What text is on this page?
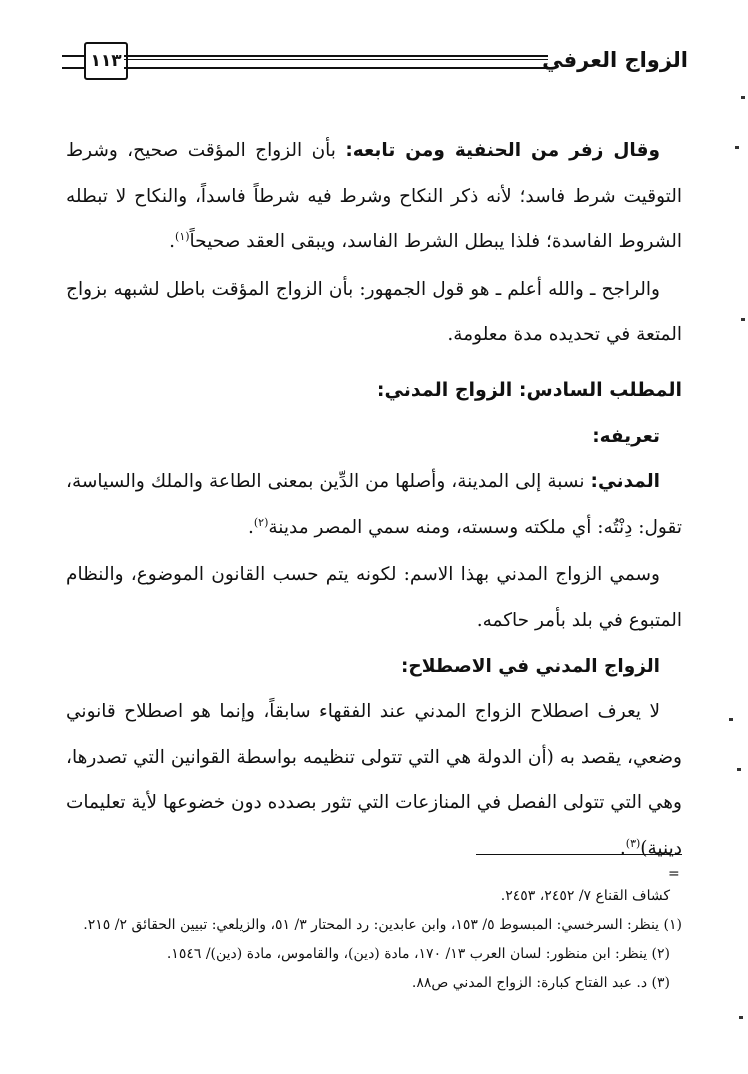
الزواج العرفي
١١٣

وقال زفر من الحنفية ومن تابعه: بأن الزواج المؤقت صحيح، وشرط التوقيت شرط فاسد؛ لأنه ذكر النكاح وشرط فيه شرطاً فاسداً، والنكاح لا تبطله الشروط الفاسدة؛ فلذا يبطل الشرط الفاسد، ويبقى العقد صحيحاً$^{(١)}$.

والراجح ـ والله أعلم ـ هو قول الجمهور: بأن الزواج المؤقت باطل لشبهه بزواج المتعة في تحديده مدة معلومة.

المطلب السادس: الزواج المدني:

تعريفه:

المدني: نسبة إلى المدينة، وأصلها من الدِّين بمعنى الطاعة والملك والسياسة، تقول: دِنْتُه: أي ملكته وسسته، ومنه سمي المصر مدينة$^{(٢)}$.

وسمي الزواج المدني بهذا الاسم: لكونه يتم حسب القانون الموضوع، والنظام المتبوع في بلد بأمر حاكمه.

الزواج المدني في الاصطلاح:

لا يعرف اصطلاح الزواج المدني عند الفقهاء سابقاً، وإنما هو اصطلاح قانوني وضعي، يقصد به (أن الدولة هي التي تتولى تنظيمه بواسطة القوانين التي تصدرها، وهي التي تتولى الفصل في المنازعات التي تثور بصدده دون خضوعها لأية تعليمات دينية)$^{(٣)}$.

=

كشاف القناع ٧/ ٢٤٥٢، ٢٤٥٣.

(١) ينظر: السرخسي: المبسوط ٥/ ١٥٣، وابن عابدين: رد المحتار ٣/ ٥١، والزيلعي: تبيين الحقائق ٢/ ٢١٥.

(٢) ينظر: ابن منظور: لسان العرب ١٣/ ١٧٠، مادة (دين)، والقاموس، مادة (دين)/ ١٥٤٦.

(٣) د. عبد الفتاح كبارة: الزواج المدني ص٨٨.
